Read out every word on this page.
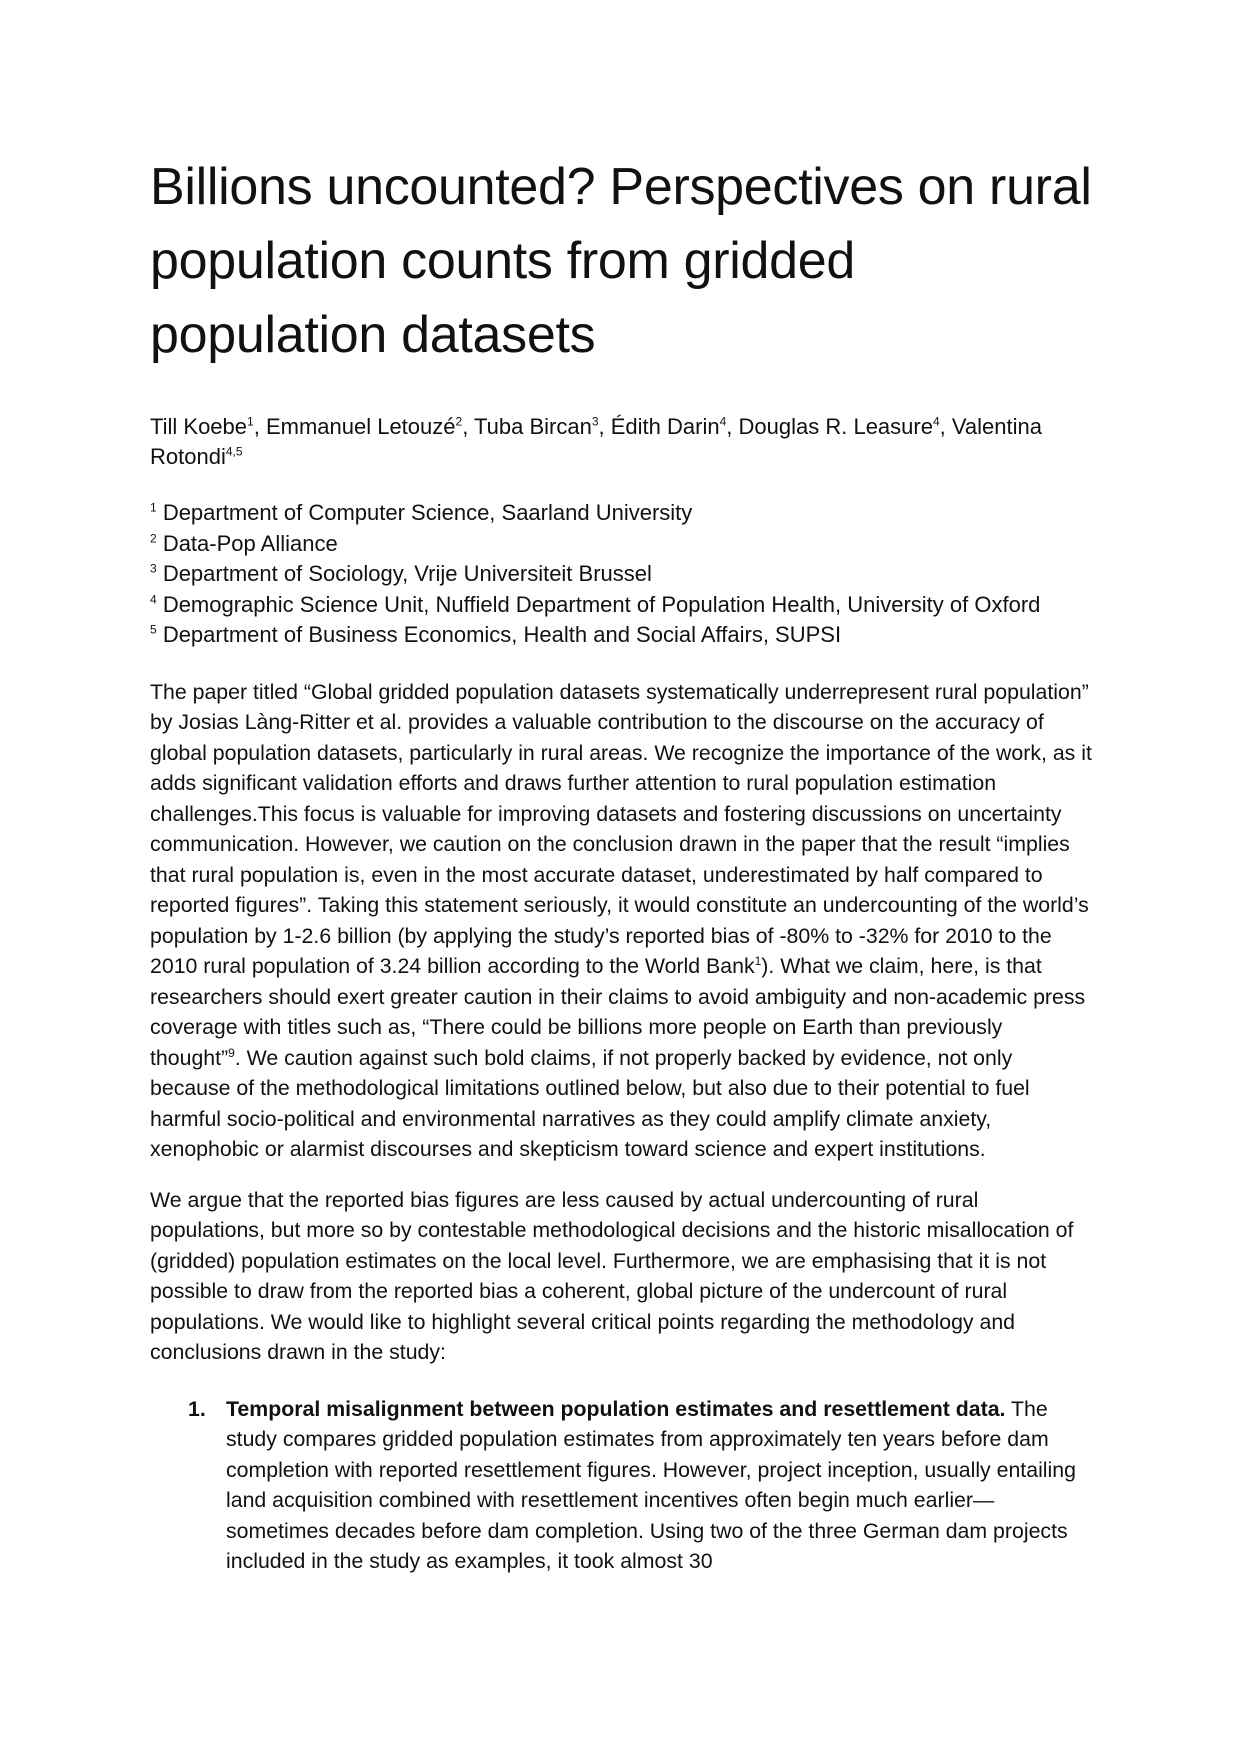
Billions uncounted? Perspectives on rural population counts from gridded population datasets

Till Koebe$^1$, Emmanuel Letouzé$^2$, Tuba Bircan$^3$, Édith Darin$^4$, Douglas R. Leasure$^4$, Valentina Rotondi$^{4,5}$

$^1$ Department of Computer Science, Saarland University
$^2$ Data-Pop Alliance
$^3$ Department of Sociology, Vrije Universiteit Brussel
$^4$ Demographic Science Unit, Nuffield Department of Population Health, University of Oxford
$^5$ Department of Business Economics, Health and Social Affairs, SUPSI

The paper titled “Global gridded population datasets systematically underrepresent rural population” by Josias Làng-Ritter et al. provides a valuable contribution to the discourse on the accuracy of global population datasets, particularly in rural areas. We recognize the importance of the work, as it adds significant validation efforts and draws further attention to rural population estimation challenges.This focus is valuable for improving datasets and fostering discussions on uncertainty communication. However, we caution on the conclusion drawn in the paper that the result “implies that rural population is, even in the most accurate dataset, underestimated by half compared to reported figures”. Taking this statement seriously, it would constitute an undercounting of the world’s population by 1-2.6 billion (by applying the study’s reported bias of -80% to -32% for 2010 to the 2010 rural population of 3.24 billion according to the World Bank$^1$). What we claim, here, is that researchers should exert greater caution in their claims to avoid ambiguity and non-academic press coverage with titles such as, “There could be billions more people on Earth than previously thought”$^9$. We caution against such bold claims, if not properly backed by evidence, not only because of the methodological limitations outlined below, but also due to their potential to fuel harmful socio-political and environmental narratives as they could amplify climate anxiety, xenophobic or alarmist discourses and skepticism toward science and expert institutions.

We argue that the reported bias figures are less caused by actual undercounting of rural populations, but more so by contestable methodological decisions and the historic misallocation of (gridded) population estimates on the local level. Furthermore, we are emphasising that it is not possible to draw from the reported bias a coherent, global picture of the undercount of rural populations. We would like to highlight several critical points regarding the methodology and conclusions drawn in the study:

1. Temporal misalignment between population estimates and resettlement data. The study compares gridded population estimates from approximately ten years before dam completion with reported resettlement figures. However, project inception, usually entailing land acquisition combined with resettlement incentives often begin much earlier—sometimes decades before dam completion. Using two of the three German dam projects included in the study as examples, it took almost 30
